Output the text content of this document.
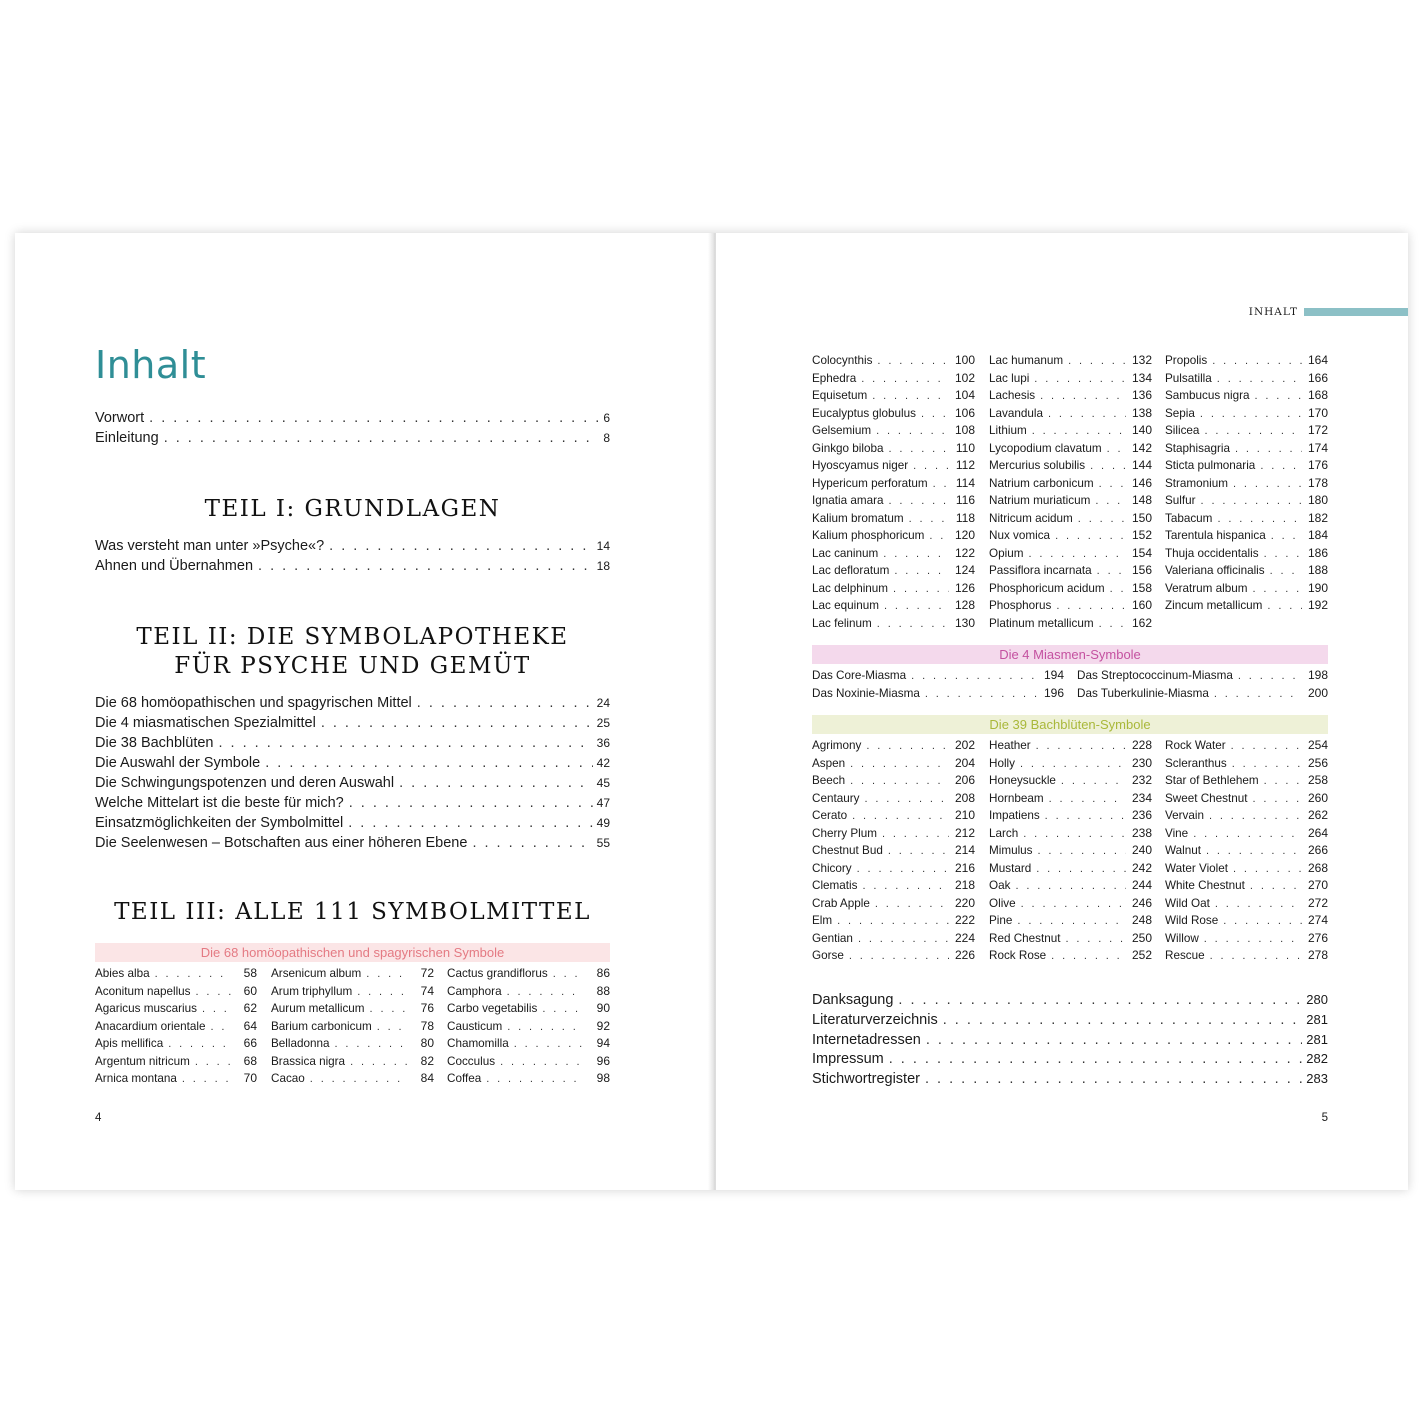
Inhalt
Vorwort . . .	6
Einleitung . . .	8
TEIL I: GRUNDLAGEN
Was versteht man unter »Psyche«? . . .	14
Ahnen und Übernahmen . . .	18
TEIL II: DIE SYMBOLAPOTHEKE
FÜR PSYCHE UND GEMÜT
Die 68 homöopathischen und spagyrischen Mittel . . .	24
Die 4 miasmatischen Spezialmittel . . .	25
Die 38 Bachblüten . . .	36
Die Auswahl der Symbole . . .	42
Die Schwingungspotenzen und deren Auswahl . . .	45
Welche Mittelart ist die beste für mich? . . .	47
Einsatzmöglichkeiten der Symbolmittel . . .	49
Die Seelenwesen – Botschaften aus einer höheren Ebene . . .	55
TEIL III: ALLE 111 SYMBOLMITTEL
Die 68 homöopathischen und spagyrischen Symbole
Abies alba . . .	58
Aconitum napellus . . .	60
Agaricus muscarius . . .	62
Anacardium orientale . . .	64
Apis mellifica . . .	66
Argentum nitricum . . .	68
Arnica montana . . .	70
Arsenicum album . . .	72
Arum triphyllum . . .	74
Aurum metallicum . . .	76
Barium carbonicum . . .	78
Belladonna . . .	80
Brassica nigra . . .	82
Cacao . . .	84
Cactus grandiflorus . . .	86
Camphora . . .	88
Carbo vegetabilis . . .	90
Causticum . . .	92
Chamomilla . . .	94
Cocculus . . .	96
Coffea . . .	98
4
INHALT
Colocynthis . . .	100
Ephedra . . .	102
Equisetum . . .	104
Eucalyptus globulus . . .	106
Gelsemium . . .	108
Ginkgo biloba . . .	110
Hyoscyamus niger . . .	112
Hypericum perforatum . . .	114
Ignatia amara . . .	116
Kalium bromatum . . .	118
Kalium phosphoricum . . .	120
Lac caninum . . .	122
Lac defloratum . . .	124
Lac delphinum . . .	126
Lac equinum . . .	128
Lac felinum . . .	130
Lac humanum . . .	132
Lac lupi . . .	134
Lachesis . . .	136
Lavandula . . .	138
Lithium . . .	140
Lycopodium clavatum . . .	142
Mercurius solubilis . . .	144
Natrium carbonicum . . .	146
Natrium muriaticum . . .	148
Nitricum acidum . . .	150
Nux vomica . . .	152
Opium . . .	154
Passiflora incarnata . . .	156
Phosphoricum acidum . . .	158
Phosphorus . . .	160
Platinum metallicum . . .	162
Propolis . . .	164
Pulsatilla . . .	166
Sambucus nigra . . .	168
Sepia . . .	170
Silicea . . .	172
Staphisagria . . .	174
Sticta pulmonaria . . .	176
Stramonium . . .	178
Sulfur . . .	180
Tabacum . . .	182
Tarentula hispanica . . .	184
Thuja occidentalis . . .	186
Valeriana officinalis . . .	188
Veratrum album . . .	190
Zincum metallicum . . .	192
Die 4 Miasmen-Symbole
Das Core-Miasma . . .	194
Das Noxinie-Miasma . . .	196
Das Streptococcinum-Miasma . . .	198
Das Tuberkulinie-Miasma . . .	200
Die 39 Bachblüten-Symbole
Agrimony . . .	202
Aspen . . .	204
Beech . . .	206
Centaury . . .	208
Cerato . . .	210
Cherry Plum . . .	212
Chestnut Bud . . .	214
Chicory . . .	216
Clematis . . .	218
Crab Apple . . .	220
Elm . . .	222
Gentian . . .	224
Gorse . . .	226
Heather . . .	228
Holly . . .	230
Honeysuckle . . .	232
Hornbeam . . .	234
Impatiens . . .	236
Larch . . .	238
Mimulus . . .	240
Mustard . . .	242
Oak . . .	244
Olive . . .	246
Pine . . .	248
Red Chestnut . . .	250
Rock Rose . . .	252
Rock Water . . .	254
Scleranthus . . .	256
Star of Bethlehem . . .	258
Sweet Chestnut . . .	260
Vervain . . .	262
Vine . . .	264
Walnut . . .	266
Water Violet . . .	268
White Chestnut . . .	270
Wild Oat . . .	272
Wild Rose . . .	274
Willow . . .	276
Rescue . . .	278
Danksagung . . .	280
Literaturverzeichnis . . .	281
Internetadressen . . .	281
Impressum . . .	282
Stichwortregister . . .	283
5
